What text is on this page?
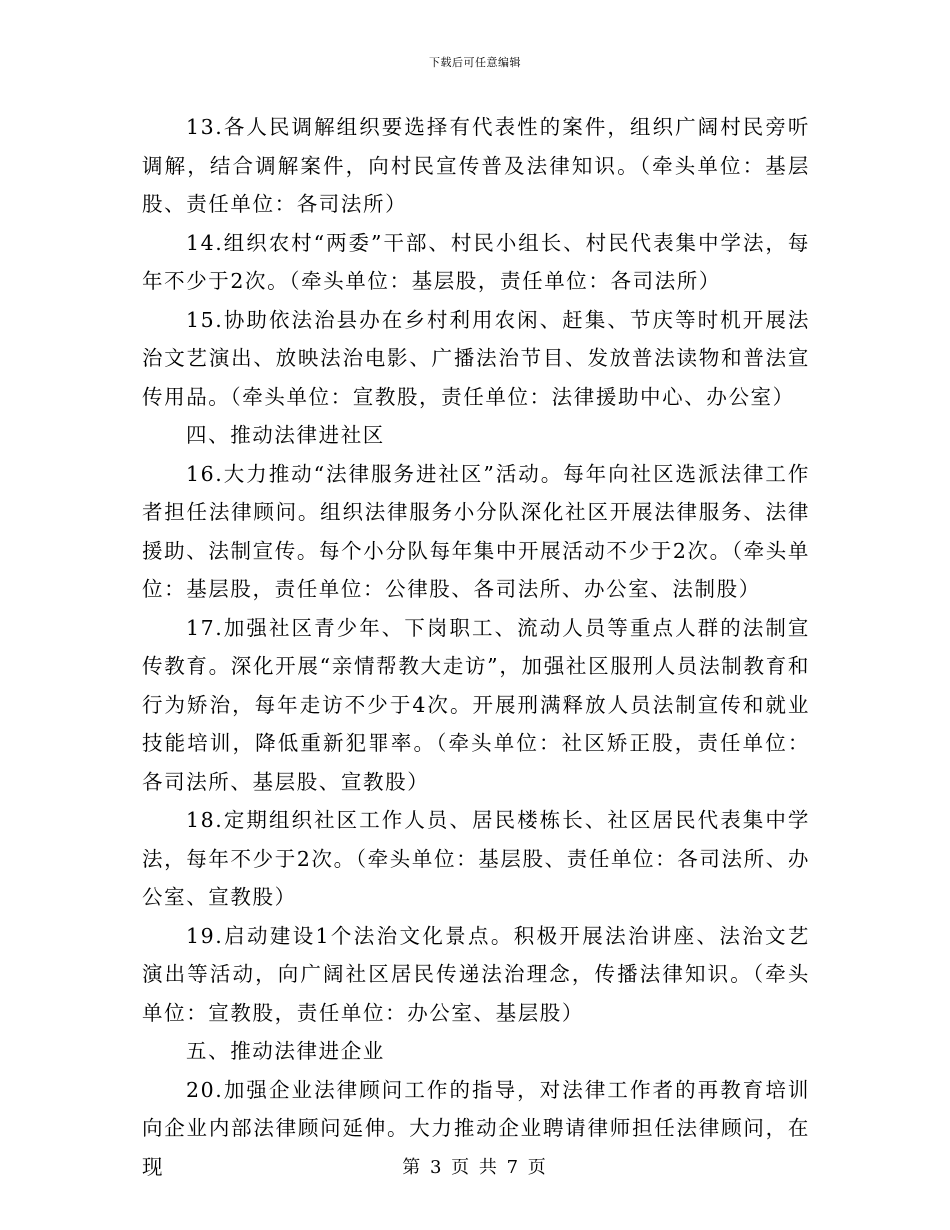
下载后可任意编辑

13.各人民调解组织要选择有代表性的案件，组织广阔村民旁听调解，结合调解案件，向村民宣传普及法律知识。（牵头单位：基层股、责任单位：各司法所）

14.组织农村“两委”干部、村民小组长、村民代表集中学法，每年不少于2次。（牵头单位：基层股，责任单位：各司法所）

15.协助依法治县办在乡村利用农闲、赶集、节庆等时机开展法治文艺演出、放映法治电影、广播法治节目、发放普法读物和普法宣传用品。（牵头单位：宣教股，责任单位：法律援助中心、办公室）

四、推动法律进社区

16.大力推动“法律服务进社区”活动。每年向社区选派法律工作者担任法律顾问。组织法律服务小分队深化社区开展法律服务、法律援助、法制宣传。每个小分队每年集中开展活动不少于2次。（牵头单位：基层股，责任单位：公律股、各司法所、办公室、法制股）

17.加强社区青少年、下岗职工、流动人员等重点人群的法制宣传教育。深化开展“亲情帮教大走访”，加强社区服刑人员法制教育和行为矫治，每年走访不少于4次。开展刑满释放人员法制宣传和就业技能培训，降低重新犯罪率。（牵头单位：社区矫正股，责任单位：各司法所、基层股、宣教股）

18.定期组织社区工作人员、居民楼栋长、社区居民代表集中学法，每年不少于2次。（牵头单位：基层股、责任单位：各司法所、办公室、宣教股）

19.启动建设1个法治文化景点。积极开展法治讲座、法治文艺演出等活动，向广阔社区居民传递法治理念，传播法律知识。（牵头单位：宣教股，责任单位：办公室、基层股）

五、推动法律进企业

20.加强企业法律顾问工作的指导，对法律工作者的再教育培训向企业内部法律顾问延伸。大力推动企业聘请律师担任法律顾问，在现	第 3 页 共 7 页
